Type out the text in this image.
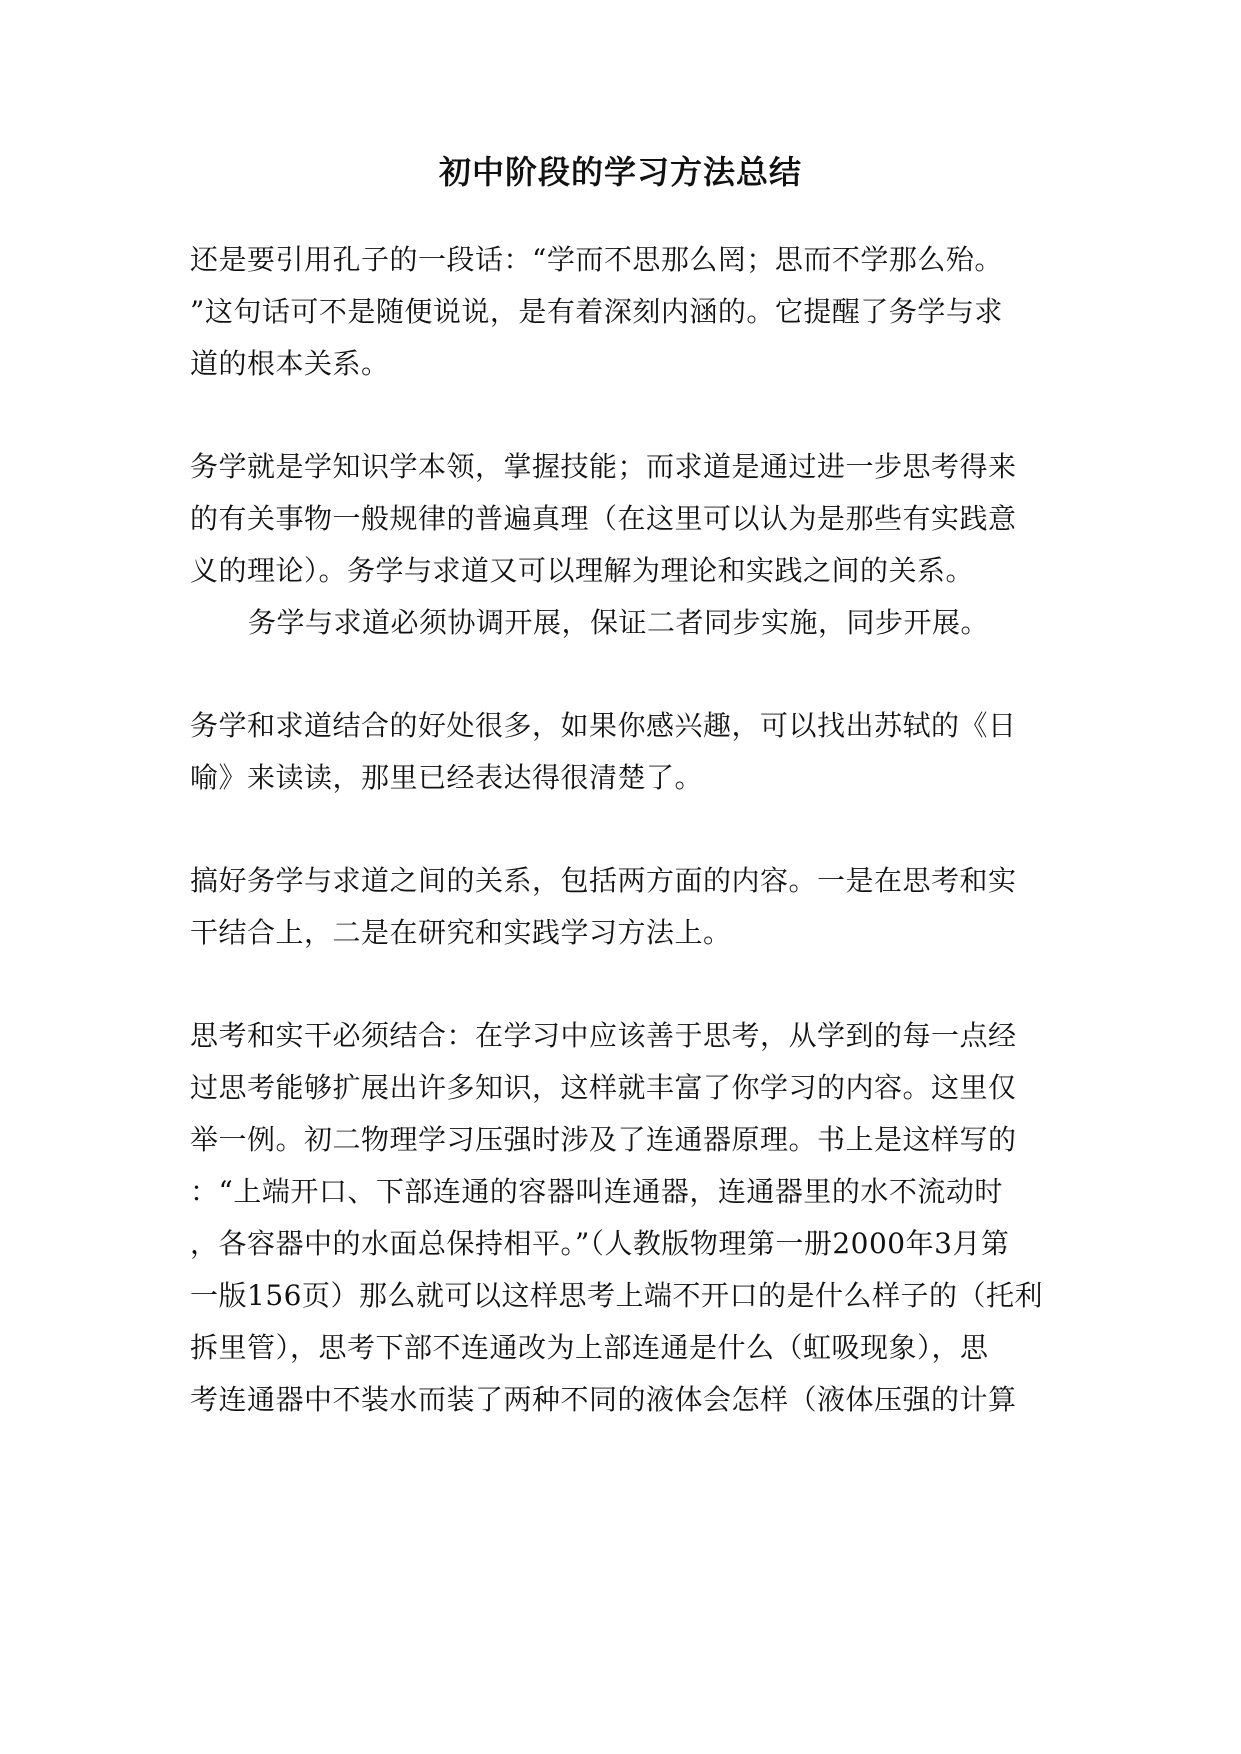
初中阶段的学习方法总结
还是要引用孔子的一段话：“学而不思那么罔；思而不学那么殆。
”这句话可不是随便说说，是有着深刻内涵的。它提醒了务学与求
道的根本关系。
务学就是学知识学本领，掌握技能；而求道是通过进一步思考得来
的有关事物一般规律的普遍真理（在这里可以认为是那些有实践意
义的理论）。务学与求道又可以理解为理论和实践之间的关系。
务学与求道必须协调开展，保证二者同步实施，同步开展。
务学和求道结合的好处很多，如果你感兴趣，可以找出苏轼的《日
喻》来读读，那里已经表达得很清楚了。
搞好务学与求道之间的关系，包括两方面的内容。一是在思考和实
干结合上，二是在研究和实践学习方法上。
思考和实干必须结合：在学习中应该善于思考，从学到的每一点经
过思考能够扩展出许多知识，这样就丰富了你学习的内容。这里仅
举一例。初二物理学习压强时涉及了连通器原理。书上是这样写的
：“上端开口、下部连通的容器叫连通器，连通器里的水不流动时
，各容器中的水面总保持相平。”（人教版物理第一册2000年3月第
一版156页）那么就可以这样思考上端不开口的是什么样子的（托利
拆里管），思考下部不连通改为上部连通是什么（虹吸现象），思
考连通器中不装水而装了两种不同的液体会怎样（液体压强的计算
